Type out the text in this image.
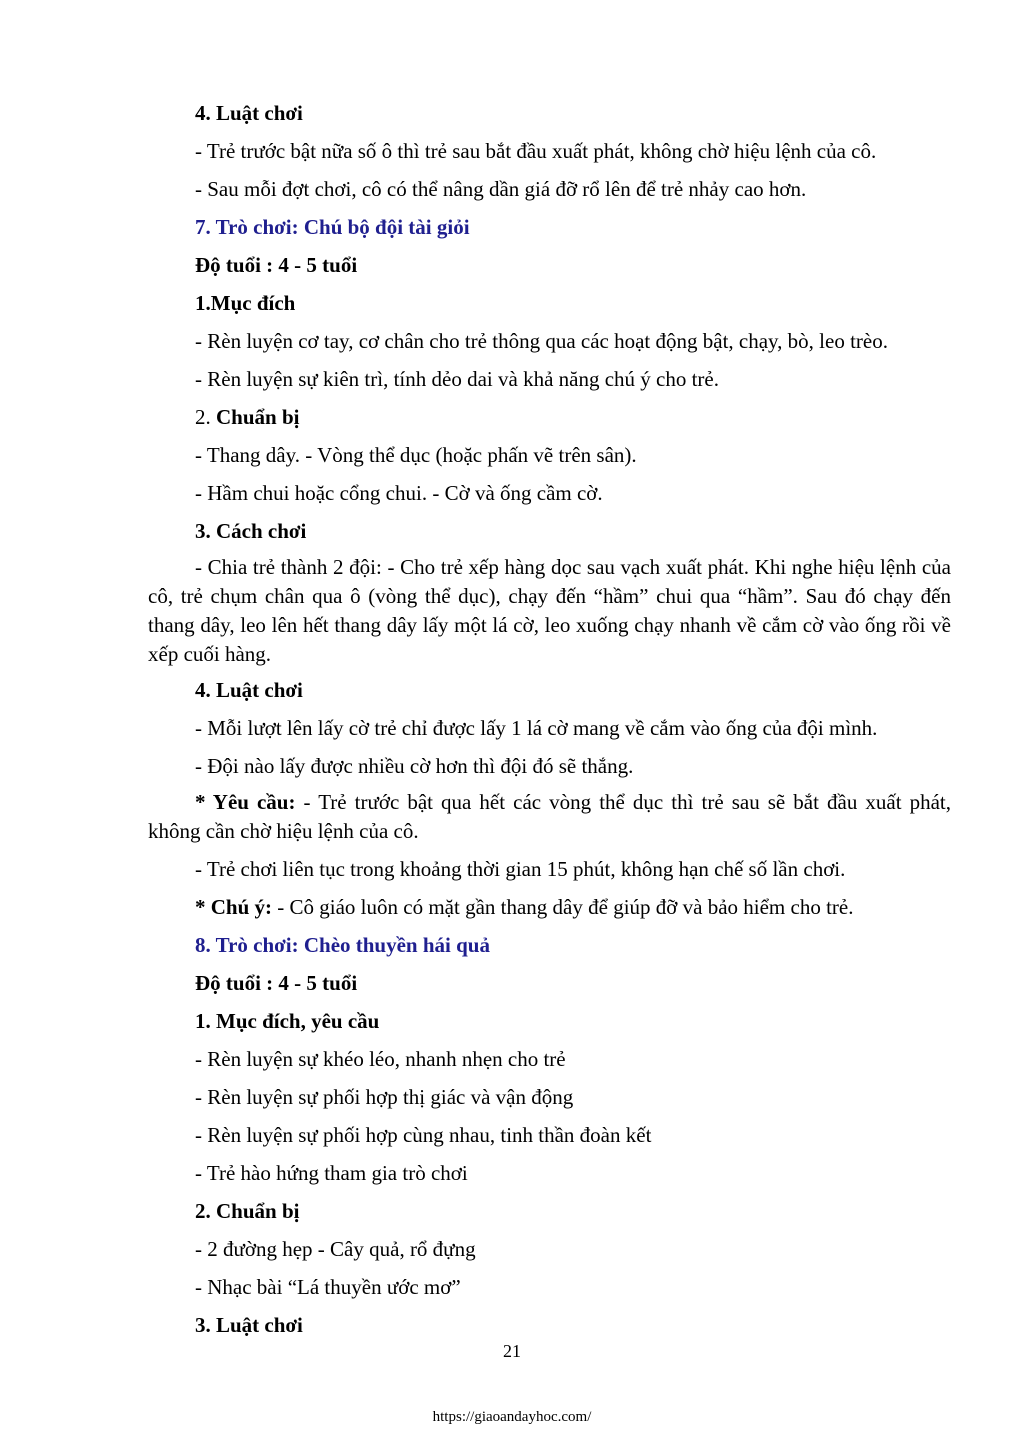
4. Luật chơi
- Trẻ trước bật nữa số ô thì trẻ sau bắt đầu xuất phát, không chờ hiệu lệnh của cô.
- Sau mỗi đợt chơi, cô có thể nâng dần giá đỡ rổ lên để trẻ nhảy cao hơn.
7. Trò chơi: Chú bộ đội tài giỏi
Độ tuổi : 4 - 5 tuổi
1.Mục đích
- Rèn luyện cơ tay, cơ chân cho trẻ thông qua các hoạt động bật, chạy, bò, leo trèo.
- Rèn luyện sự kiên trì, tính dẻo dai và khả năng chú ý cho trẻ.
2. Chuẩn bị
- Thang dây. - Vòng thể dục (hoặc phấn vẽ trên sân).
- Hầm chui hoặc cổng chui. - Cờ và ống cầm cờ.
3. Cách chơi
- Chia trẻ thành 2 đội: - Cho trẻ xếp hàng dọc sau vạch xuất phát. Khi nghe hiệu lệnh của cô, trẻ chụm chân qua ô (vòng thể dục), chạy đến “hầm” chui qua “hầm”. Sau đó chạy đến thang dây, leo lên hết thang dây lấy một lá cờ, leo xuống chạy nhanh về cắm cờ vào ống rồi về xếp cuối hàng.
4. Luật chơi
- Mỗi lượt lên lấy cờ trẻ chỉ được lấy 1 lá cờ mang về cắm vào ống của đội mình.
- Đội nào lấy được nhiều cờ hơn thì đội đó sẽ thắng.
* Yêu cầu: - Trẻ trước bật qua hết các vòng thể dục thì trẻ sau sẽ bắt đầu xuất phát, không cần chờ hiệu lệnh của cô.
- Trẻ chơi liên tục trong khoảng thời gian 15 phút, không hạn chế số lần chơi.
* Chú ý: - Cô giáo luôn có mặt gần thang dây để giúp đỡ và bảo hiểm cho trẻ.
8. Trò chơi: Chèo thuyền hái quả
Độ tuổi : 4 - 5 tuổi
1. Mục đích, yêu cầu
- Rèn luyện sự khéo léo, nhanh nhẹn cho trẻ
- Rèn luyện sự phối hợp thị giác và vận động
- Rèn luyện sự phối hợp cùng nhau, tinh thần đoàn kết
- Trẻ hào hứng tham gia trò chơi
2. Chuẩn bị
- 2 đường hẹp - Cây quả, rổ đựng
- Nhạc bài “Lá thuyền ước mơ”
3. Luật chơi
21
https://giaoandayhoc.com/
